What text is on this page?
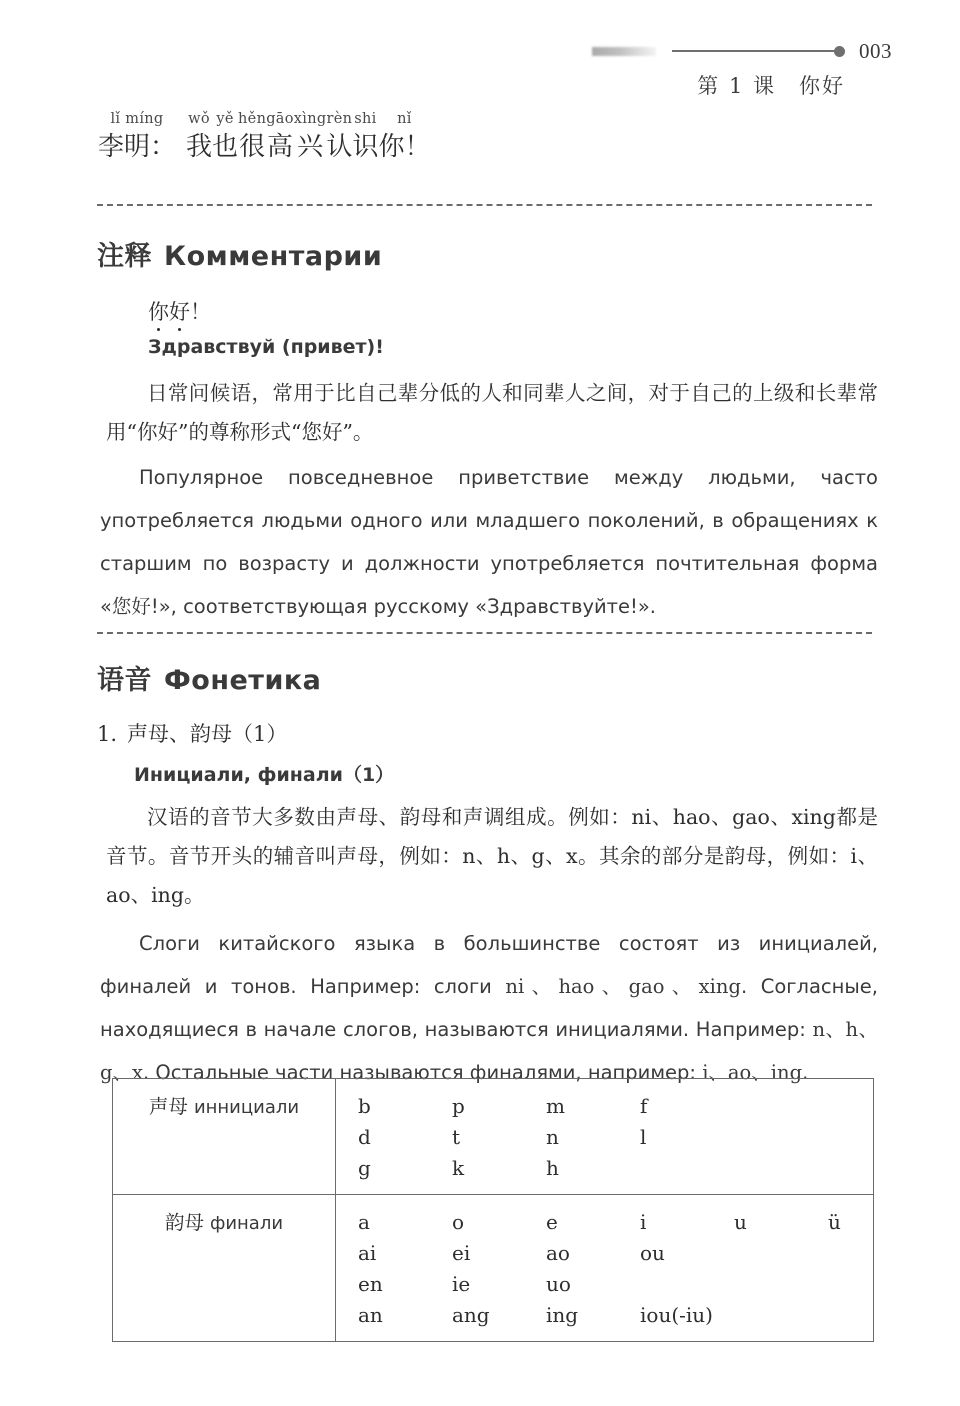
003
第 1 课　你好
lǐ míng
李明：
wǒ
我
yě
也
hěn
很
gāo
高
xìng
兴
rèn
认
shi
识
nǐ
你！
注释 Комментарии
你好！
Здравствуй (привет)!
日常问候语，常用于比自己辈分低的人和同辈人之间，对于自己的上级和长辈常用“你好”的尊称形式“您好”。
Популярное повседневное приветствие между людьми, часто употребляется людьми одного или младшего поколений, в обращениях к старшим по возрасту и должности употребляется почтительная форма «您好!», соответствующая русскому «Здравствуйте!».
语音 Фонетика
1. 声母、韵母（1）
Инициали, финали（1）
汉语的音节大多数由声母、韵母和声调组成。例如：ni、hao、gao、xing都是音节。音节开头的辅音叫声母，例如：n、h、g、x。其余的部分是韵母，例如：i、ao、ing。
Слоги китайского языка в большинстве состоят из инициалей, финалей и тонов. Например: слоги ni、hao、gao、xing. Согласные, находящиеся в начале слогов, называются инициалями. Например: n、h、g、x. Остальные части называются финалями, например: i、ao、ing.
声母 иннициали	b	p	m	f
d	t	n	l
g	k	h

韵母 финали	a	o	e	i	u	ü
ai	ei	ao	ou
en	ie	uo
an	ang	ing	iou(-iu)
